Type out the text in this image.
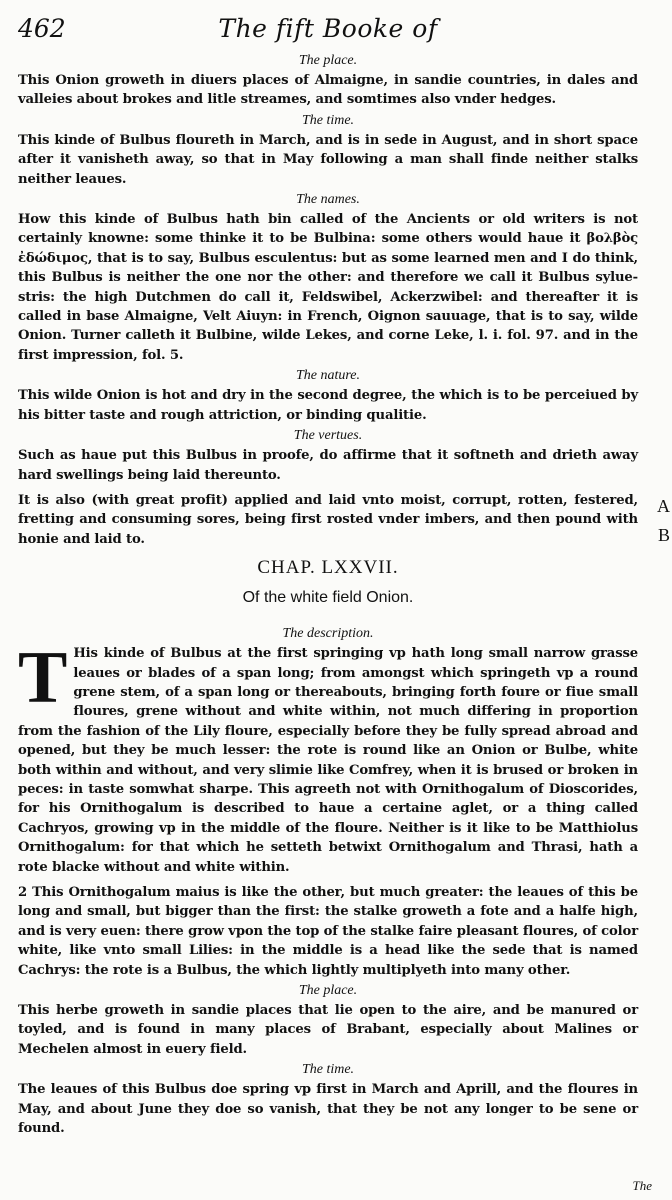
462	The fift Booke of
The place.

This Onion groweth in diuers places of Almaigne, in sandie countries, in dales and valleies about brokes and litle streames, and somtimes also vnder hedges.

The time.

This kinde of Bulbus floureth in March, and is in sede in August, and in short space after it vanisheth away, so that in May following a man shall finde neither stalks neither leaues.

The names.

How this kinde of Bulbus hath bin called of the Ancients or old writers is not certainly knowne: some thinke it to be Bulbina: some others would haue it βολβὸς ἐδώδιμος, that is to say, Bulbus esculentus: but as some learned men and I do think, this Bulbus is neither the one nor the other: and therefore we call it Bulbus sylue-stris: the high Dutchmen do call it, Feldswibel, Ackerzwibel: and thereafter it is called in base Almaigne, Velt Aiuyn: in French, Oignon sauuage, that is to say, wilde Onion. Turner calleth it Bulbine, wilde Lekes, and corne Leke, l. i. fol. 97. and in the first impression, fol. 5.

The nature.

This wilde Onion is hot and dry in the second degree, the which is to be perceiued by his bitter taste and rough attriction, or binding qualitie.

The vertues.

Such as haue put this Bulbus in proofe, do affirme that it softneth and drieth away hard swellings being laid thereunto.

It is also (with great profit) applied and laid vnto moist, corrupt, rotten, festered, fretting and consuming sores, being first rosted vnder imbers, and then pound with honie and laid to.

CHAP. LXXVII.
Of the white field Onion.
The description.
T His kinde of Bulbus at the first springing vp hath long small narrow grasse leaues or blades of a span long; from amongst which springeth vp a round grene stem, of a span long or thereabouts, bringing forth foure or fiue small floures, grene without and white within, not much differing in proportion from the fashion of the Lily floure, especially before they be fully spread abroad and opened, but they be much lesser: the rote is round like an Onion or Bulbe, white both within and without, and very slimie like Comfrey, when it is brused or broken in peces: in taste somwhat sharpe. This agreeth not with Ornithogalum of Dioscorides, for his Ornithogalum is described to haue a certaine aglet, or a thing called Cachryos, growing vp in the middle of the floure. Neither is it like to be Matthiolus Ornithogalum: for that which he setteth betwixt Ornithogalum and Thrasi, hath a rote blacke without and white within.

2 This Ornithogalum maius is like the other, but much greater: the leaues of this be long and small, but bigger than the first: the stalke groweth a fote and a halfe high, and is very euen: there grow vpon the top of the stalke faire pleasant floures, of color white, like vnto small Lilies: in the middle is a head like the sede that is named Cachrys: the rote is a Bulbus, the which lightly multiplyeth into many other.

The place.

This herbe groweth in sandie places that lie open to the aire, and be manured or toyled, and is found in many places of Brabant, especially about Malines or Mechelen almost in euery field.

The time.

The leaues of this Bulbus doe spring vp first in March and Aprill, and the floures in May, and about June they doe so vanish, that they be not any longer to be sene or found.

A
B
The
